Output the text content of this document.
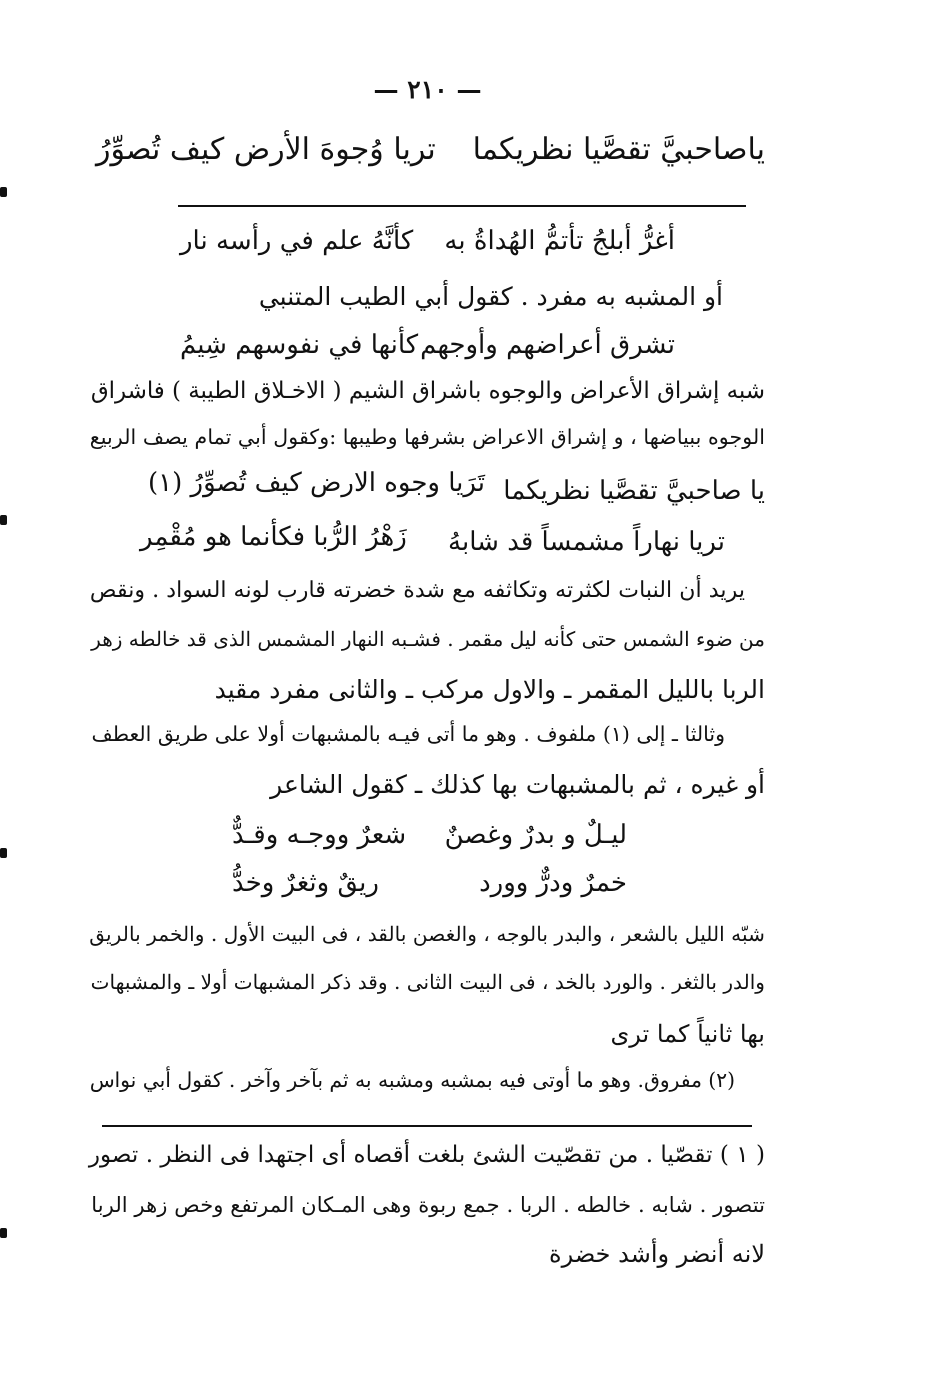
— ٢١٠ —
ياصاحبيَّ تقصَّيا نظريكما
تريا وُجوهَ الأرض كيف تُصوِّرُ
أغرُّ أبلجُ تأتمُّ الهُداةُ به
كأنَّهُ علم في رأسه نار
أو المشبه به مفرد . كقول أبي الطيب المتنبي
تشرق أعراضهم وأوجهم
كأنها في نفوسهم شِيمُ
شبه إشراق الأعراض والوجوه باشراق الشيم ( الاخـلاق الطيبة ) فاشراق
الوجوه ببياضها ، و إشراق الاعراض بشرفها وطيبها :وكقول أبي تمام يصف الربيع
يا صاحبيَّ تقصَّيا نظريكما
تَرَيا وجوه الارض كيف تُصوِّرُ (١)
تريا نهاراً مشمساً قد شابهُ
زَهْرُ الرُّبا فكأنما هو مُقْمِر
يريد أن النبات لكثرته وتكاثفه مع شدة خضرته قارب لونه السواد . ونقص
من ضوء الشمس حتى كأنه ليل مقمر . فشـبه النهار المشمس الذى قد خالطه زهر
الربا بالليل المقمر ـ والاول مركب ـ والثانى مفرد مقيد
وثالثا ـ إلى (١) ملفوف . وهو ما أتى فيـه بالمشبهات أولا على طريق العطف
أو غيره ، ثم بالمشبهات بها كذلك ـ كقول الشاعر
ليـلٌ و بدرٌ وغصنٌ
شعرٌ ووجـه وقـدٌّ
خمرٌ ودرٌّ وورد
ريقٌ وثغرٌ وخدُّ
شبّه الليل بالشعر ، والبدر بالوجه ، والغصن بالقد ، فى البيت الأول . والخمر بالريق
والدر بالثغر . والورد بالخد ، فى البيت الثانى . وقد ذكر المشبهات أولا ـ والمشبهات
بها ثانياً كما ترى
(٢) مفروق. وهو ما أوتى فيه بمشبه ومشبه به ثم بآخر وآخر . كقول أبي نواس
( ١ ) تقصّيا . من تقصّيت الشئ بلغت أقصاه أى اجتهدا فى النظر . تصور
تتصور . شابه . خالطه . الربا . جمع ربوة وهى المـكان المرتفع وخص زهر الربا
لانه أنضر وأشد خضرة
